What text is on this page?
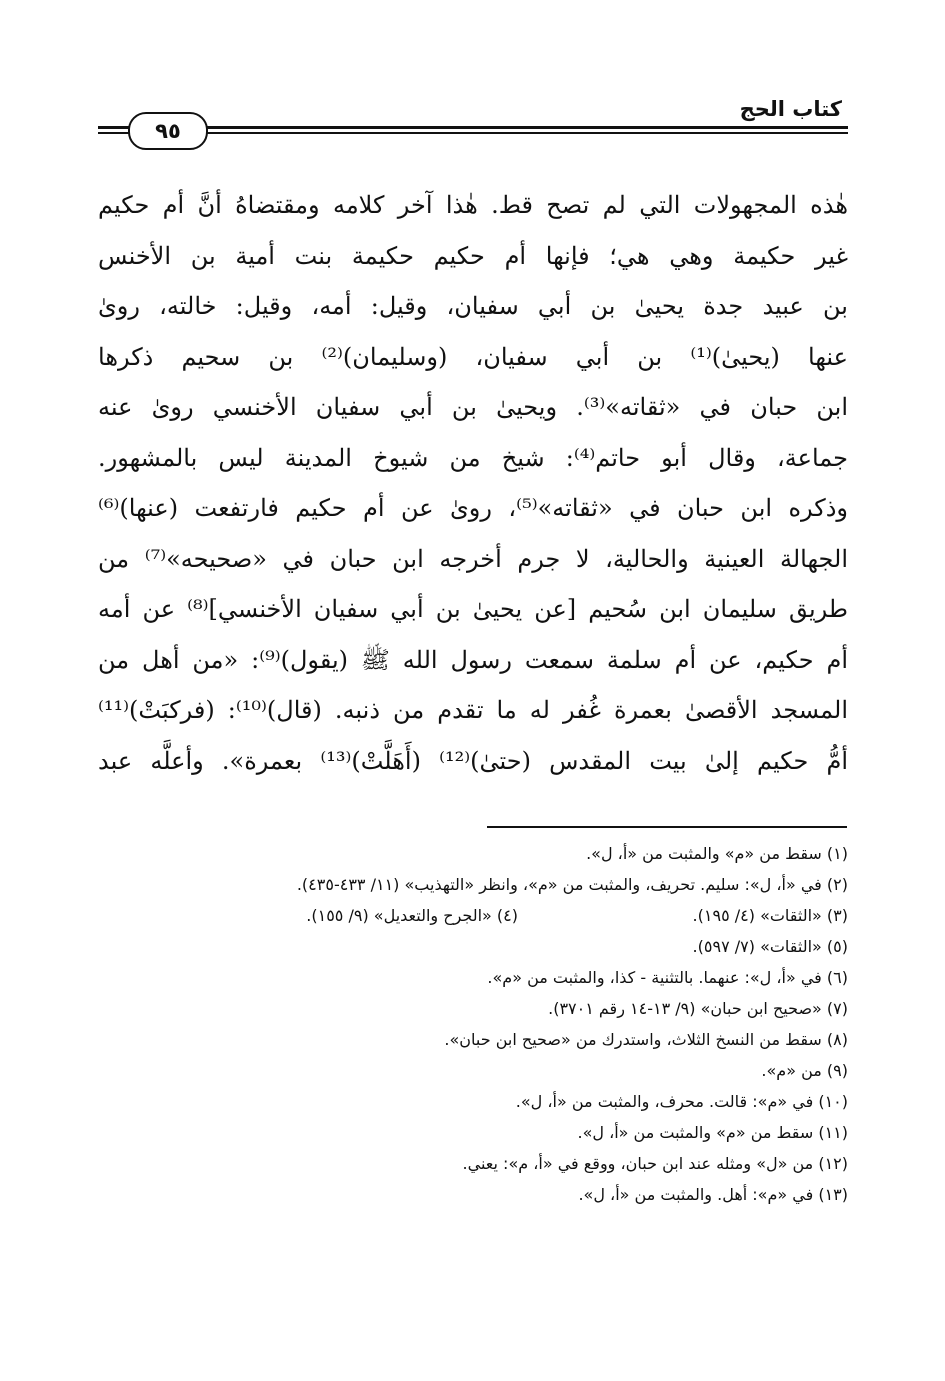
كتاب الحج
٩٥
هٰذه المجهولات التي لم تصح قط. هٰذا آخر كلامه ومقتضاهُ أنَّ أم حكيم
غير حكيمة وهي هي؛ فإنها أم حكيم حكيمة بنت أمية بن الأخنس
بن عبيد جدة يحيىٰ بن أبي سفيان، وقيل: أمه، وقيل: خالته، روىٰ
عنها (يحيىٰ)⁽¹⁾ بن أبي سفيان، (وسليمان)⁽²⁾ بن سحيم ذكرها
ابن حبان في «ثقاته»⁽³⁾. ويحيىٰ بن أبي سفيان الأخنسي روىٰ عنه
جماعة، وقال أبو حاتم⁽⁴⁾: شيخ من شيوخ المدينة ليس بالمشهور.
وذكره ابن حبان في «ثقاته»⁽⁵⁾، روىٰ عن أم حكيم فارتفعت (عنها)⁽⁶⁾
الجهالة العينية والحالية، لا جرم أخرجه ابن حبان في «صحيحه»⁽⁷⁾ من
طريق سليمان ابن سُحيم [عن يحيىٰ بن أبي سفيان الأخنسي]⁽⁸⁾ عن أمه
أم حكيم، عن أم سلمة سمعت رسول الله ﷺ (يقول)⁽⁹⁾: «من أهل من
المسجد الأقصىٰ بعمرة غُفر له ما تقدم من ذنبه. (قال)⁽¹⁰⁾: (فركبَتْ)⁽¹¹⁾
أمُّ حكيم إلىٰ بيت المقدس (حتىٰ)⁽¹²⁾ (أَهَلَّتْ)⁽¹³⁾ بعمرة». وأعلَّه عبد
(١) سقط من «م» والمثبت من «أ، ل».
(٢) في «أ، ل»: سليم. تحريف، والمثبت من «م»، وانظر «التهذيب» (١١/ ٤٣٣-٤٣٥).
(٣) «الثقات» (٤/ ١٩٥).
(٤) «الجرح والتعديل» (٩/ ١٥٥).
(٥) «الثقات» (٧/ ٥٩٧).
(٦) في «أ، ل»: عنهما. بالتثنية - كذا، والمثبت من «م».
(٧) «صحيح ابن حبان» (٩/ ١٣-١٤ رقم ٣٧٠١).
(٨) سقط من النسخ الثلاث، واستدرك من «صحيح ابن حبان».
(٩) من «م».
(١٠) في «م»: قالت. محرف، والمثبت من «أ، ل».
(١١) سقط من «م» والمثبت من «أ، ل».
(١٢) من «ل» ومثله عند ابن حبان، ووقع في «أ، م»: يعني.
(١٣) في «م»: أهل. والمثبت من «أ، ل».
